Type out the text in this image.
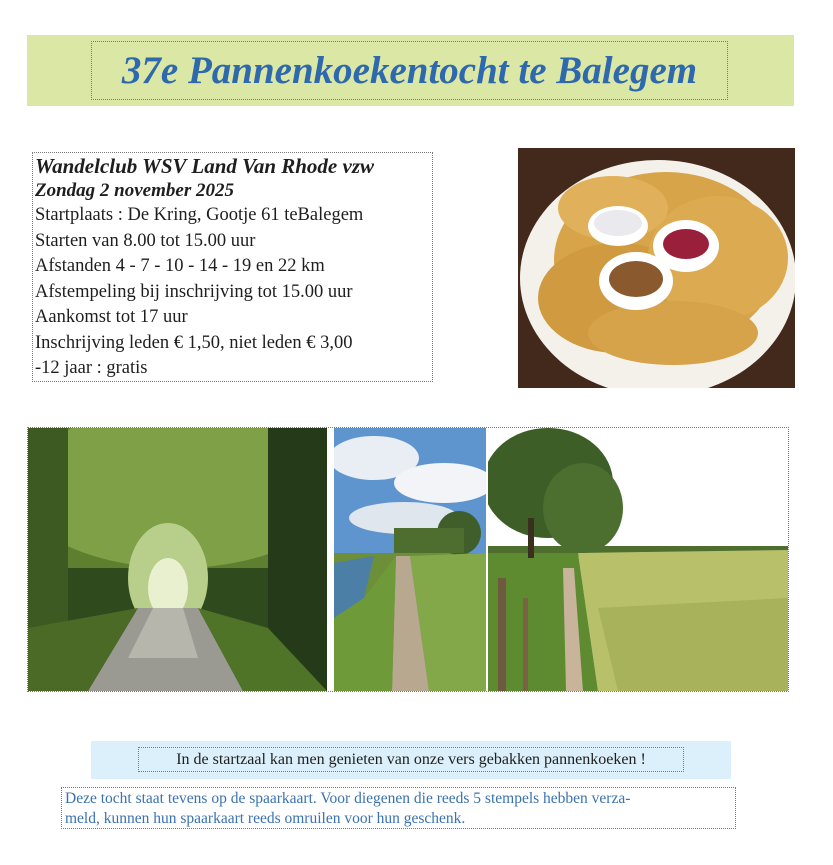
37e Pannenkoekentocht te Balegem
Wandelclub WSV Land Van Rhode vzw
Zondag 2 november 2025
Startplaats : De Kring, Gootje 61 teBalegem
Starten van 8.00 tot 15.00 uur
Afstanden 4 - 7 - 10 - 14 - 19 en 22 km
Afstempeling bij inschrijving tot 15.00 uur
Aankomst tot 17 uur
Inschrijving leden € 1,50, niet leden € 3,00
-12 jaar : gratis
In de startzaal kan men genieten van onze vers gebakken pannenkoeken !
Deze tocht staat tevens op de spaarkaart. Voor diegenen die reeds 5 stempels hebben verza-
meld, kunnen hun spaarkaart reeds omruilen voor hun geschenk.
